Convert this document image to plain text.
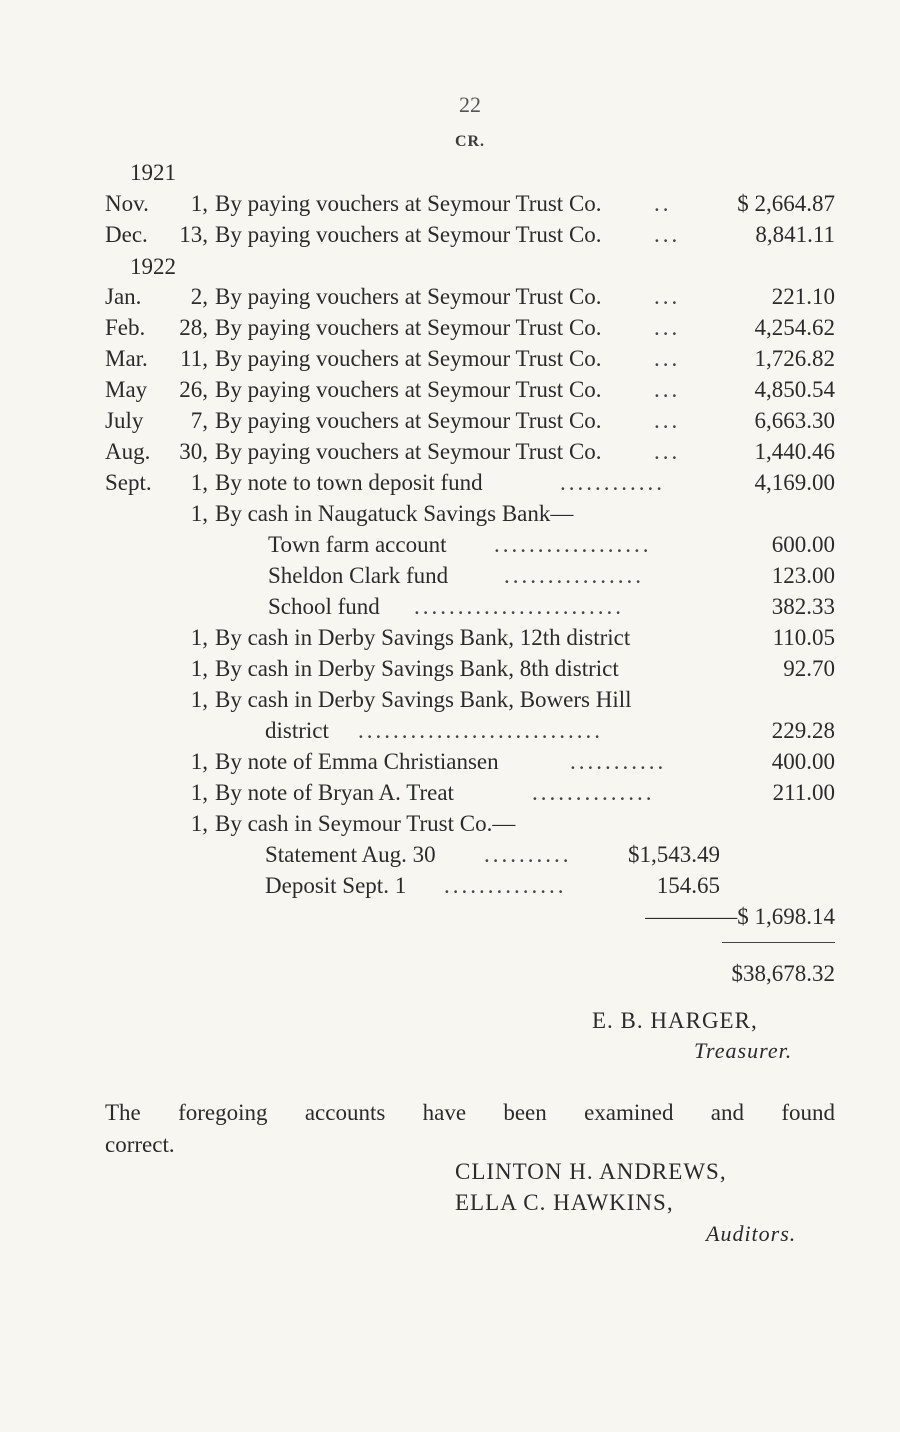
22
CR.
1921
Nov.	1, By paying vouchers at Seymour Trust Co. ..	$ 2,664.87
Dec. 13, By paying vouchers at Seymour Trust Co. ...	8,841.11
1922
Jan.	2, By paying vouchers at Seymour Trust Co. ...	221.10
Feb. 28, By paying vouchers at Seymour Trust Co. ...	4,254.62
Mar. 11, By paying vouchers at Seymour Trust Co. ...	1,726.82
May 26, By paying vouchers at Seymour Trust Co. ...	4,850.54
July	7, By paying vouchers at Seymour Trust Co. ...	6,663.30
Aug. 30, By paying vouchers at Seymour Trust Co. ...	1,440.46
Sept.	1, By note to town deposit fund	............	4,169.00
1, By cash in Naugatuck Savings Bank—
Town farm account ..................	600.00
Sheldon Clark fund ................	123.00
School fund ........................	382.33
1, By cash in Derby Savings Bank, 12th district	110.05
1, By cash in Derby Savings Bank, 8th district	92.70
1, By cash in Derby Savings Bank, Bowers Hill
district ............................	229.28
1, By note of Emma Christiansen	...........	400.00
1, By note of Bryan A. Treat	..............	211.00
1, By cash in Seymour Trust Co.—
Statement Aug. 30 ..........	$1,543.49
Deposit Sept. 1 ..............	154.65
————$ 1,698.14
$38,678.32
E. B. HARGER,
Treasurer.
The foregoing accounts have been examined and found
correct.
CLINTON H. ANDREWS,
ELLA C. HAWKINS,
Auditors.
